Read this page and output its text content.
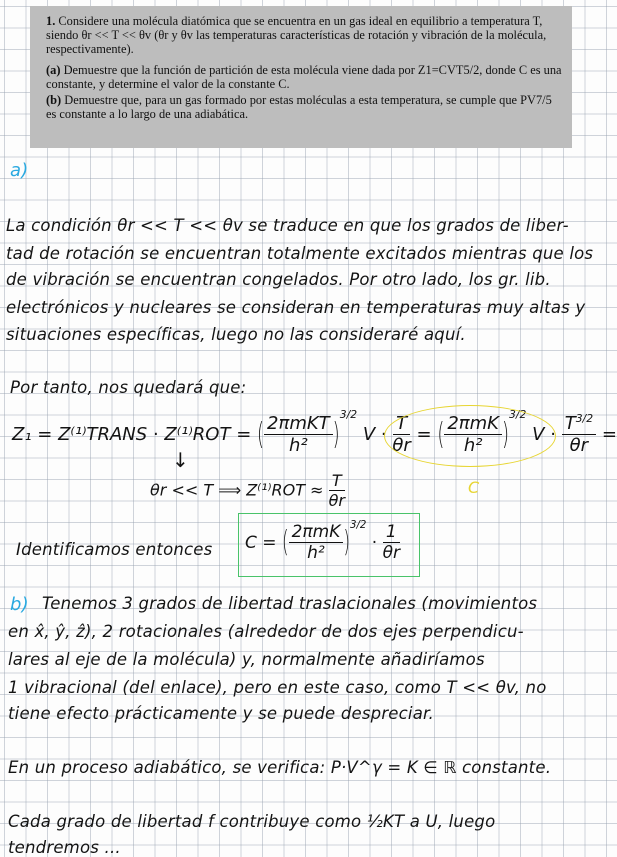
1. Considere una molécula diatómica que se encuentra en un gas ideal en equilibrio a temperatura T, siendo θr << T << θv (θr y θv las temperaturas características de rotación y vibración de la molécula, respectivamente).

(a) Demuestre que la función de partición de esta molécula viene dada por Z1=CVT5/2, donde C es una constante, y determine el valor de la constante C.

(b) Demuestre que, para un gas formado por estas moléculas a esta temperatura, se cumple que PV7/5 es constante a lo largo de una adiabática.

a)
La condición θr << T << θv se traduce en que los grados de liber-
tad de rotación se encuentran totalmente excitados mientras que los
de vibración se encuentran congelados. Por otro lado, los gr. lib.
electrónicos y nucleares se consideran en temperaturas muy altas y
situaciones específicas, luego no las consideraré aquí.
Por tanto, nos quedará que:
Z₁ = Z⁽¹⁾TRANS · Z⁽¹⁾ROT = ( $\frac{\text{2πmKT}}{\text{h²}} )^{3/2}$ $V \cdot \frac{T}{\theta r}$ = ( $\frac{\text{2πmK}}{\text{h²}} )^{3/2}$ $V \cdot \frac{T^{3/2}}{\theta r}$ =
C
↓
θr << T ⟹ $Z^{(1)}ROT \approx \frac{T}{\theta r}$
Identificamos entonces C = ( $\frac{\text{2πmK}}{\text{h²}} )^{3/2} \cdot \frac{1}{\theta r}$
b) Tenemos 3 grados de libertad traslacionales (movimientos
en x̂, ŷ, ẑ), 2 rotacionales (alrededor de dos ejes perpendicu-
lares al eje de la molécula) y, normalmente añadiríamos
1 vibracional (del enlace), pero en este caso, como T << θv, no
tiene efecto prácticamente y se puede despreciar.
En un proceso adiabático, se verifica: P·V^γ = K ∈ ℝ constante.
Cada grado de libertad f contribuye como ½KT a U, luego
tendremos ...
